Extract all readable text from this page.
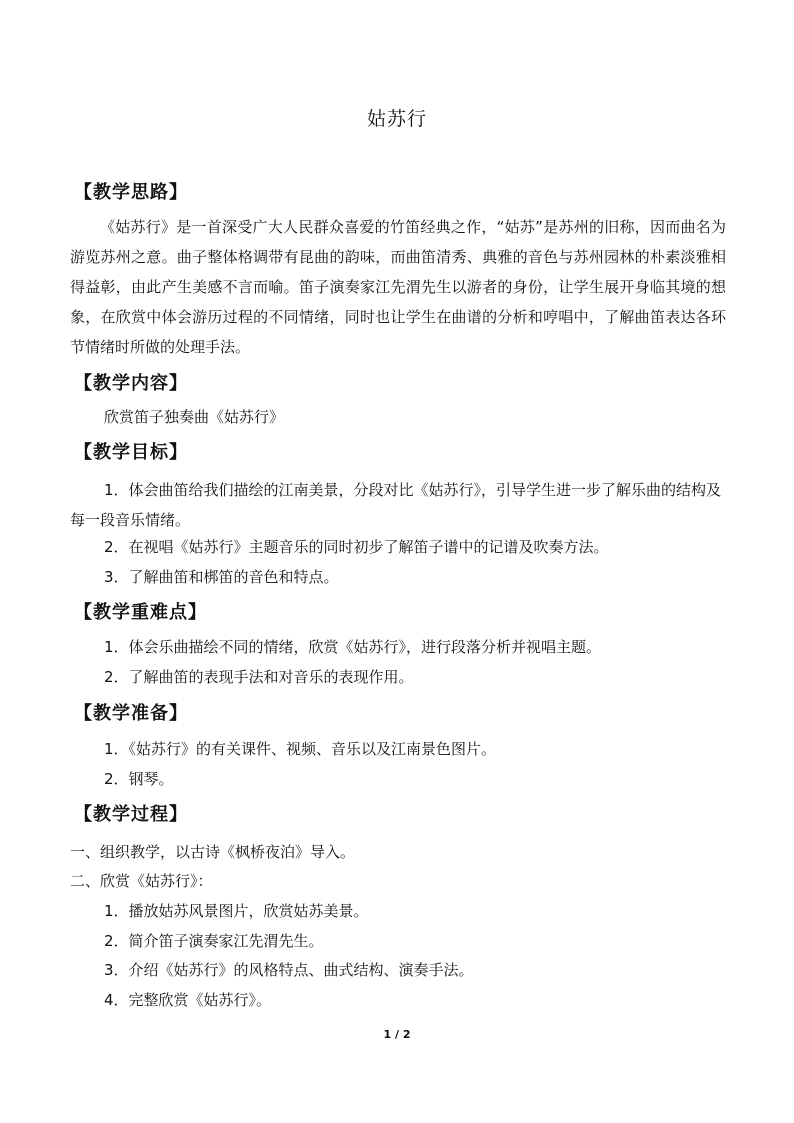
姑苏行
【教学思路】
《姑苏行》是一首深受广大人民群众喜爱的竹笛经典之作，“姑苏”是苏州的旧称，因而曲名为游览苏州之意。曲子整体格调带有昆曲的韵味，而曲笛清秀、典雅的音色与苏州园林的朴素淡雅相得益彰，由此产生美感不言而喻。笛子演奏家江先渭先生以游者的身份，让学生展开身临其境的想象，在欣赏中体会游历过程的不同情绪，同时也让学生在曲谱的分析和哼唱中，了解曲笛表达各环节情绪时所做的处理手法。
【教学内容】
欣赏笛子独奏曲《姑苏行》
【教学目标】
1．体会曲笛给我们描绘的江南美景，分段对比《姑苏行》，引导学生进一步了解乐曲的结构及每一段音乐情绪。
2．在视唱《姑苏行》主题音乐的同时初步了解笛子谱中的记谱及吹奏方法。
3．了解曲笛和梆笛的音色和特点。
【教学重难点】
1．体会乐曲描绘不同的情绪，欣赏《姑苏行》，进行段落分析并视唱主题。
2．了解曲笛的表现手法和对音乐的表现作用。
【教学准备】
1．《姑苏行》的有关课件、视频、音乐以及江南景色图片。
2．钢琴。
【教学过程】
一、组织教学，以古诗《枫桥夜泊》导入。
二、欣赏《姑苏行》：
1．播放姑苏风景图片，欣赏姑苏美景。
2．简介笛子演奏家江先渭先生。
3．介绍《姑苏行》的风格特点、曲式结构、演奏手法。
4．完整欣赏《姑苏行》。
1 / 2
